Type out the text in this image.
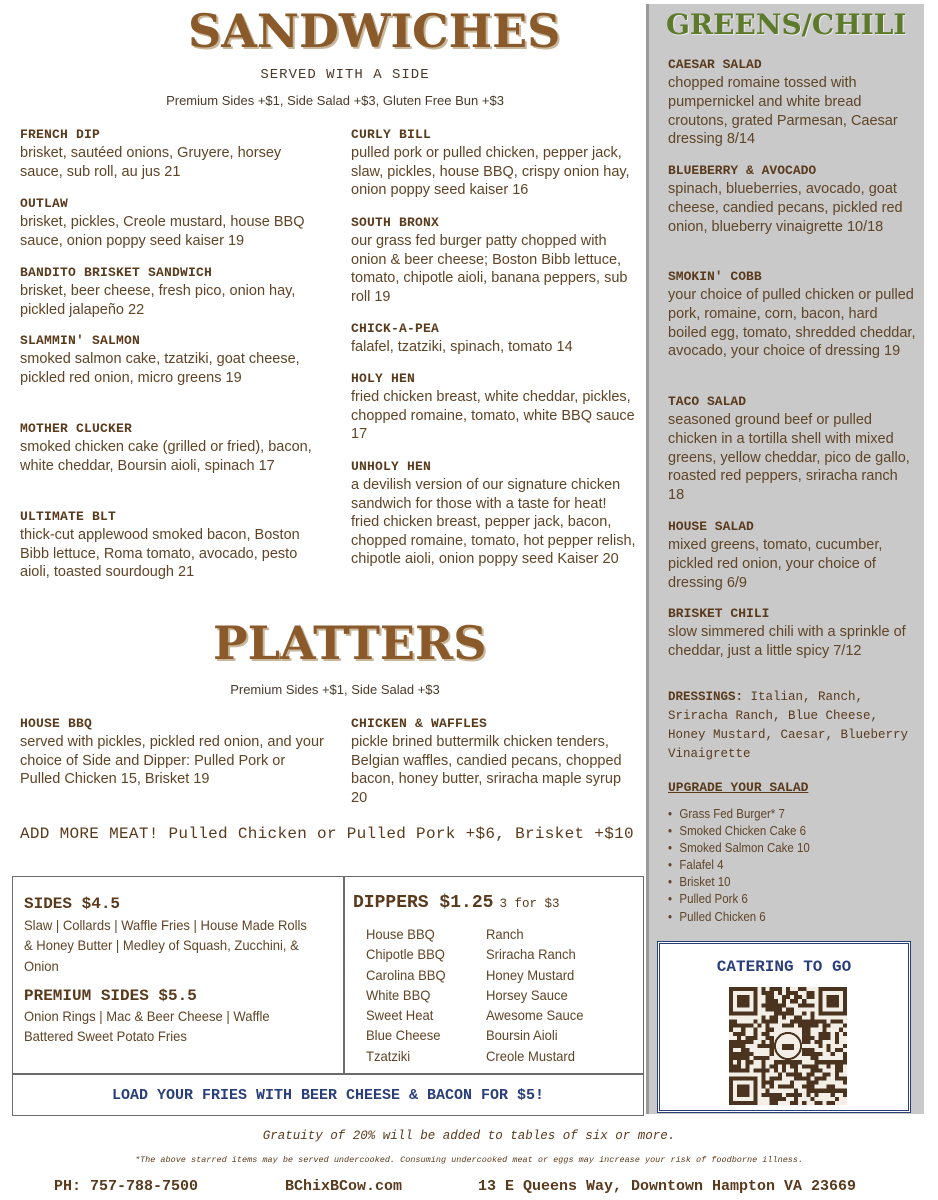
SANDWICHES
SERVED WITH A SIDE
Premium Sides +$1, Side Salad +$3, Gluten Free Bun +$3
FRENCH DIP
brisket, sautéed onions, Gruyere, horsey sauce, sub roll, au jus 21
OUTLAW
brisket, pickles, Creole mustard, house BBQ sauce, onion poppy seed kaiser 19
BANDITO BRISKET SANDWICH
brisket, beer cheese, fresh pico, onion hay, pickled jalapeño 22
SLAMMIN' SALMON
smoked salmon cake, tzatziki, goat cheese, pickled red onion, micro greens 19
MOTHER CLUCKER
smoked chicken cake (grilled or fried), bacon, white cheddar, Boursin aioli, spinach 17
ULTIMATE BLT
thick-cut applewood smoked bacon, Boston Bibb lettuce, Roma tomato, avocado, pesto aioli, toasted sourdough 21
CURLY BILL
pulled pork or pulled chicken, pepper jack, slaw, pickles, house BBQ, crispy onion hay, onion poppy seed kaiser 16
SOUTH BRONX
our grass fed burger patty chopped with onion & beer cheese; Boston Bibb lettuce, tomato, chipotle aioli, banana peppers, sub roll 19
CHICK-A-PEA
falafel, tzatziki, spinach, tomato 14
HOLY HEN
fried chicken breast, white cheddar, pickles, chopped romaine, tomato, white BBQ sauce 17
UNHOLY HEN
a devilish version of our signature chicken sandwich for those with a taste for heat! fried chicken breast, pepper jack, bacon, chopped romaine, tomato, hot pepper relish, chipotle aioli, onion poppy seed Kaiser 20
PLATTERS
Premium Sides +$1, Side Salad +$3
HOUSE BBQ
served with pickles, pickled red onion, and your choice of Side and Dipper: Pulled Pork or Pulled Chicken 15, Brisket 19
CHICKEN & WAFFLES
pickle brined buttermilk chicken tenders, Belgian waffles, candied pecans, chopped bacon, honey butter, sriracha maple syrup 20
ADD MORE MEAT! Pulled Chicken or Pulled Pork +$6, Brisket +$10
GREENS/CHILI
CAESAR SALAD
chopped romaine tossed with pumpernickel and white bread croutons, grated Parmesan, Caesar dressing 8/14
BLUEBERRY & AVOCADO
spinach, blueberries, avocado, goat cheese, candied pecans, pickled red onion, blueberry vinaigrette 10/18
SMOKIN' COBB
your choice of pulled chicken or pulled pork, romaine, corn, bacon, hard boiled egg, tomato, shredded cheddar, avocado, your choice of dressing 19
TACO SALAD
seasoned ground beef or pulled chicken in a tortilla shell with mixed greens, yellow cheddar, pico de gallo, roasted red peppers, sriracha ranch 18
HOUSE SALAD
mixed greens, tomato, cucumber, pickled red onion, your choice of dressing 6/9
BRISKET CHILI
slow simmered chili with a sprinkle of cheddar, just a little spicy 7/12
DRESSINGS: Italian, Ranch, Sriracha Ranch, Blue Cheese, Honey Mustard, Caesar, Blueberry Vinaigrette
UPGRADE YOUR SALAD
• Grass Fed Burger* 7
• Smoked Chicken Cake 6
• Smoked Salmon Cake 10
• Falafel 4
• Brisket 10
• Pulled Pork 6
• Pulled Chicken 6
CATERING TO GO
SIDES $4.5
Slaw | Collards | Waffle Fries | House Made Rolls & Honey Butter | Medley of Squash, Zucchini, & Onion
PREMIUM SIDES $5.5
Onion Rings | Mac & Beer Cheese | Waffle Battered Sweet Potato Fries
DIPPERS $1.25 3 for $3
House BBQ
Chipotle BBQ
Carolina BBQ
White BBQ
Sweet Heat
Blue Cheese
Tzatziki
Ranch
Sriracha Ranch
Honey Mustard
Horsey Sauce
Awesome Sauce
Boursin Aioli
Creole Mustard
LOAD YOUR FRIES WITH BEER CHEESE & BACON FOR $5!
Gratuity of 20% will be added to tables of six or more.
*The above starred items may be served undercooked. Consuming undercooked meat or eggs may increase your risk of foodborne illness.
PH: 757-788-7500	BChixBCow.com	13 E Queens Way, Downtown Hampton VA 23669
